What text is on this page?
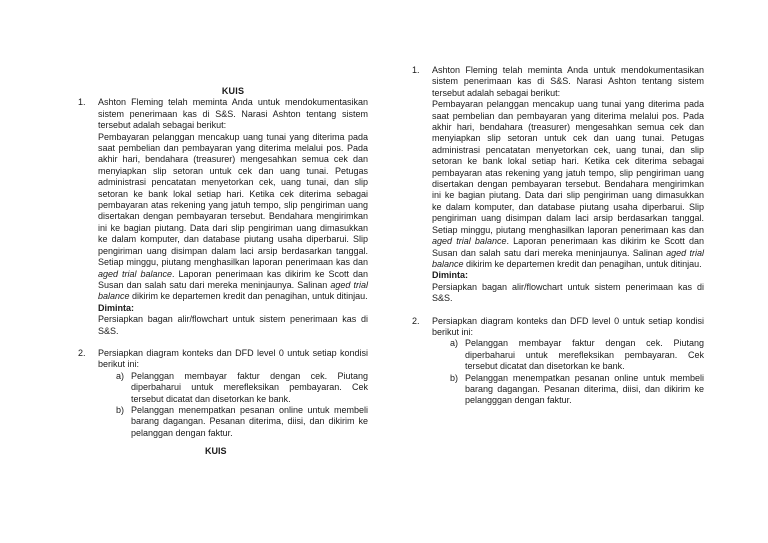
KUIS
1. Ashton Fleming telah meminta Anda untuk mendokumentasikan sistem penerimaan kas di S&S. Narasi Ashton tentang sistem tersebut adalah sebagai berikut:

Pembayaran pelanggan mencakup uang tunai yang diterima pada saat pembelian dan pembayaran yang diterima melalui pos. Pada akhir hari, bendahara (treasurer) mengesahkan semua cek dan menyiapkan slip setoran untuk cek dan uang tunai. Petugas administrasi pencatatan menyetorkan cek, uang tunai, dan slip setoran ke bank lokal setiap hari. Ketika cek diterima sebagai pembayaran atas rekening yang jatuh tempo, slip pengiriman uang disertakan dengan pembayaran tersebut. Bendahara mengirimkan ini ke bagian piutang. Data dari slip pengiriman uang dimasukkan ke dalam komputer, dan database piutang usaha diperbarui. Slip pengiriman uang disimpan dalam laci arsip berdasarkan tanggal. Setiap minggu, piutang menghasilkan laporan penerimaan kas dan aged trial balance. Laporan penerimaan kas dikirim ke Scott dan Susan dan salah satu dari mereka meninjaunya. Salinan aged trial balance dikirim ke departemen kredit dan penagihan, untuk ditinjau.

Diminta:

Persiapkan bagan alir/flowchart untuk sistem penerimaan kas di S&S.

2. Persiapkan diagram konteks dan DFD level 0 untuk setiap kondisi berikut ini:

a) Pelanggan membayar faktur dengan cek. Piutang diperbaharui untuk merefleksikan pembayaran. Cek tersebut dicatat dan disetorkan ke bank.

b) Pelanggan menempatkan pesanan online untuk membeli barang dagangan. Pesanan diterima, diisi, dan dikirim ke pelanggan dengan faktur.

KUIS
1. Ashton Fleming telah meminta Anda untuk mendokumentasikan sistem penerimaan kas di S&S. Narasi Ashton tentang sistem tersebut adalah sebagai berikut:

Pembayaran pelanggan mencakup uang tunai yang diterima pada saat pembelian dan pembayaran yang diterima melalui pos. Pada akhir hari, bendahara (treasurer) mengesahkan semua cek dan menyiapkan slip setoran untuk cek dan uang tunai. Petugas administrasi pencatatan menyetorkan cek, uang tunai, dan slip setoran ke bank lokal setiap hari. Ketika cek diterima sebagai pembayaran atas rekening yang jatuh tempo, slip pengiriman uang disertakan dengan pembayaran tersebut. Bendahara mengirimkan ini ke bagian piutang. Data dari slip pengiriman uang dimasukkan ke dalam komputer, dan database piutang usaha diperbarui. Slip pengiriman uang disimpan dalam laci arsip berdasarkan tanggal. Setiap minggu, piutang menghasilkan laporan penerimaan kas dan aged trial balance. Laporan penerimaan kas dikirim ke Scott dan Susan dan salah satu dari mereka meninjaunya. Salinan aged trial balance dikirim ke departemen kredit dan penagihan, untuk ditinjau.

Diminta:

Persiapkan bagan alir/flowchart untuk sistem penerimaan kas di S&S.

2. Persiapkan diagram konteks dan DFD level 0 untuk setiap kondisi berikut ini:

a) Pelanggan membayar faktur dengan cek. Piutang diperbaharui untuk merefleksikan pembayaran. Cek tersebut dicatat dan disetorkan ke bank.

b) Pelanggan menempatkan pesanan online untuk membeli barang dagangan. Pesanan diterima, diisi, dan dikirim ke pelangggan dengan faktur.
